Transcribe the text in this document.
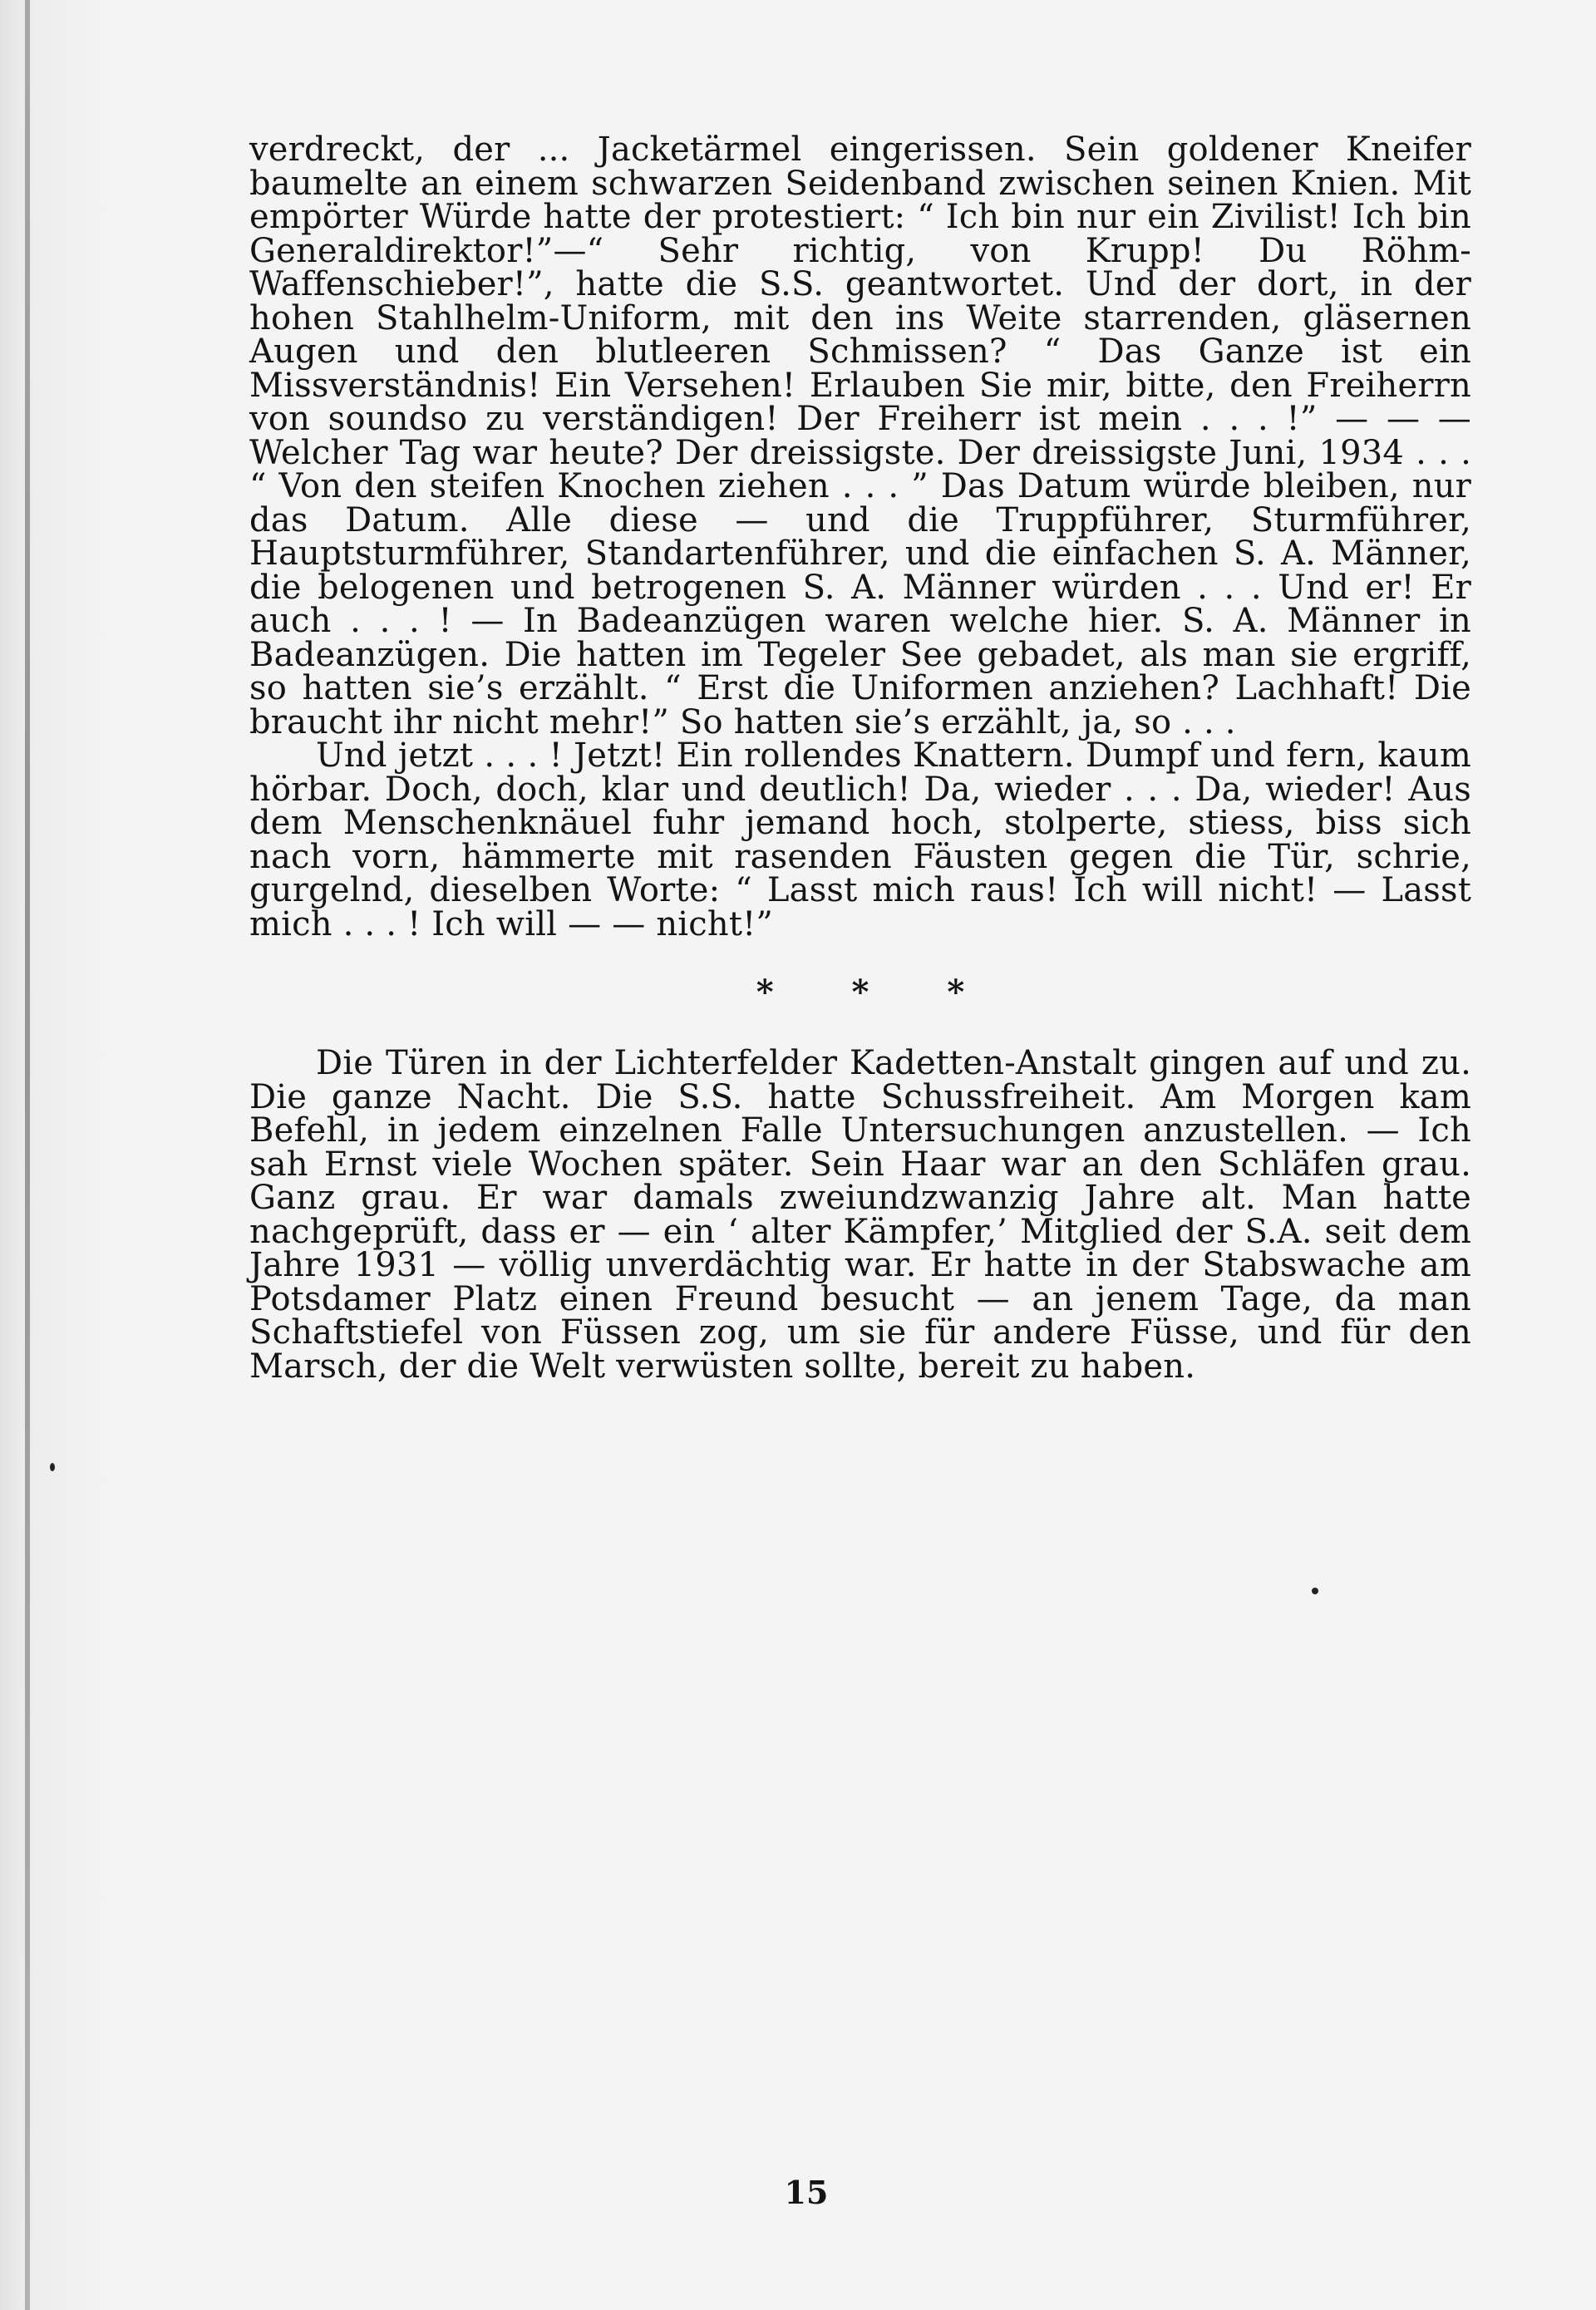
verdreckt, der ... Jacketärmel eingerissen. Sein goldener Kneifer baumelte an einem schwarzen Seidenband zwischen seinen Knien. Mit empörter Würde hatte der protestiert: “ Ich bin nur ein Zivilist! Ich bin Generaldirektor!”—“ Sehr richtig, von Krupp! Du Röhm-Waffenschieber!”, hatte die S.S. geantwortet. Und der dort, in der hohen Stahlhelm-Uniform, mit den ins Weite starrenden, gläsernen Augen und den blutleeren Schmissen? “ Das Ganze ist ein Missverständnis! Ein Versehen! Erlauben Sie mir, bitte, den Freiherrn von soundso zu verständigen! Der Freiherr ist mein . . . !” — — — Welcher Tag war heute? Der dreissigste. Der dreissigste Juni, 1934 . . . “ Von den steifen Knochen ziehen . . . ” Das Datum würde bleiben, nur das Datum. Alle diese — und die Truppführer, Sturmführer, Hauptsturmführer, Standartenführer, und die einfachen S. A. Männer, die belogenen und betrogenen S. A. Männer würden . . . Und er! Er auch . . . ! — In Badeanzügen waren welche hier. S. A. Männer in Badeanzügen. Die hatten im Tegeler See gebadet, als man sie ergriff, so hatten sie’s erzählt. “ Erst die Uniformen anziehen? Lachhaft! Die braucht ihr nicht mehr!” So hatten sie’s erzählt, ja, so . . .

Und jetzt . . . ! Jetzt! Ein rollendes Knattern. Dumpf und fern, kaum hörbar. Doch, doch, klar und deutlich! Da, wieder . . . Da, wieder! Aus dem Menschenknäuel fuhr jemand hoch, stolperte, stiess, biss sich nach vorn, hämmerte mit rasenden Fäusten gegen die Tür, schrie, gurgelnd, dieselben Worte: “ Lasst mich raus! Ich will nicht! — Lasst mich . . . ! Ich will — — nicht!”

* * *

Die Türen in der Lichterfelder Kadetten-Anstalt gingen auf und zu. Die ganze Nacht. Die S.S. hatte Schussfreiheit. Am Morgen kam Befehl, in jedem einzelnen Falle Untersuchungen anzustellen. — Ich sah Ernst viele Wochen später. Sein Haar war an den Schläfen grau. Ganz grau. Er war damals zweiundzwanzig Jahre alt. Man hatte nachgeprüft, dass er — ein ‘ alter Kämpfer,’ Mitglied der S.A. seit dem Jahre 1931 — völlig unverdächtig war. Er hatte in der Stabswache am Potsdamer Platz einen Freund besucht — an jenem Tage, da man Schaftstiefel von Füssen zog, um sie für andere Füsse, und für den Marsch, der die Welt verwüsten sollte, bereit zu haben.

15
